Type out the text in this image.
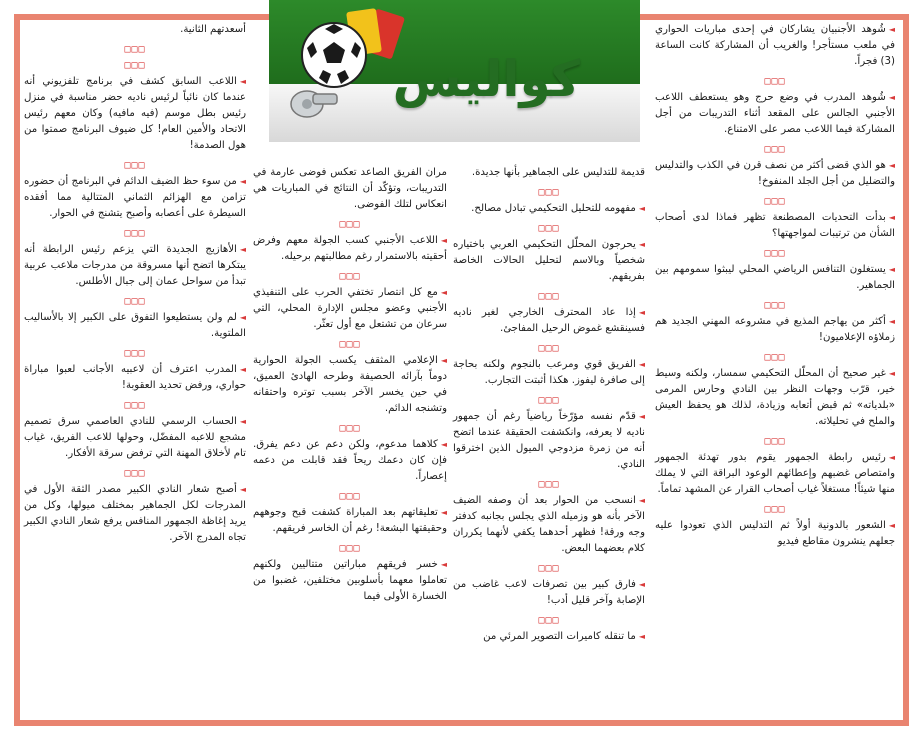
كواليس
◄شُوهد الأجنبيان يشاركان في إحدى مباريات الحواري في ملعب مستأجر! والغريب أن المشاركة كانت الساعة (3) فجراً.
□□□
◄شُوهد المدرب في وضع حرج وهو يستعطف اللاعب الأجنبي الجالس على المقعد أثناء التدريبات من أجل المشاركة فيما اللاعب مصر على الامتناع.
□□□
◄هو الذي قضى أكثر من نصف قرن في الكذب والتدليس والتضليل من أجل الجلد المنفوخ!
□□□
◄بدأت التحديات المصطنعة تظهر فماذا لدى أصحاب الشأن من ترتيبات لمواجهتها؟
□□□
◄يستغلون التنافس الرياضي المحلي ليبثوا سمومهم بين الجماهير.
□□□
◄أكثر من يهاجم المذيع في مشروعه المهني الجديد هم زملاؤه الإعلاميون!
□□□
◄غير صحيح أن المحلّل التحكيمي سمسار، ولكنه وسيط خير، قرّب وجهات النظر بين النادي وحارس المرمى «بلدياته» ثم قبض أتعابه وزيادة، لذلك هو يحفظ العيش والملح في تحليلاته.
□□□
◄رئيس رابطة الجمهور يقوم بدور تهدئة الجمهور وامتصاص غضبهم وإعطائهم الوعود البراقة التي لا يملك منها شيئاً! مستغلاً غياب أصحاب القرار عن المشهد تماماً.
□□□
◄الشعور بالدونية أولاً ثم التدليس الذي تعودوا عليه جعلهم ينشرون مقاطع فيديو
قديمة للتدليس على الجماهير بأنها جديدة.
□□□
◄مفهومه للتحليل التحكيمي تبادل مصالح.
□□□
◄يحرجون المحلّل التحكيمي العربي باختياره شخصياً وبالاسم لتحليل الحالات الخاصة بفريقهم.
□□□
◄إذا عاد المحترف الخارجي لغير ناديه فسينقشع غموض الرحيل المفاجئ.
□□□
◄الفريق قوي ومرعب بالنجوم ولكنه بحاجة إلى صافرة ليفوز. هكذا أثبتت التجارب.
□□□
◄قدّم نفسه مؤرّخاً رياضياً رغم أن جمهور ناديه لا يعرفه، وانكشفت الحقيقة عندما اتضح أنه من زمرة مزدوجي الميول الذين اخترقوا النادي.
□□□
◄انسحب من الحوار بعد أن وصفه الضيف الآخر بأنه هو وزميله الذي يجلس بجانبه كدفتر وجه ورقة! فظهر أحدهما يكفي لأنهما يكرران كلام بعضهما البعض.
□□□
◄فارق كبير بين تصرفات لاعب غاضب من الإصابة وآخر قليل أدب!
□□□
◄ما تنقله كاميرات التصوير المرئي من
مران الفريق الصاعد تعكس فوضى عارمة في التدريبات، وتؤكّد أن النتائج في المباريات هي انعكاس لتلك الفوضى.
□□□
◄اللاعب الأجنبي كسب الجولة معهم وفرض أحقيته بالاستمرار رغم مطالبتهم برحيله.
□□□
◄مع كل انتصار تختفي الحرب على التنفيذي الأجنبي وعضو مجلس الإدارة المحلي، التي سرعان من تشتعل مع أول تعثّر.
□□□
◄الإعلامي المثقف يكسب الجولة الحوارية دوماً بآرائه الحصيفة وطرحه الهادئ العميق، في حين يخسر الآخر بسبب توتره واحتقانه وتشنجه الدائم.
□□□
◄كلاهما مدعوم، ولكن دعم عن دعم يفرق. فإن كان دعمك ريحاً فقد قابلت من دعمه إعصاراً.
□□□
◄تعليقاتهم بعد المباراة كشفت قبح وجوههم وحقيقتها البشعة! رغم أن الخاسر فريقهم.
□□□
◄خسر فريقهم مباراتين متتاليين ولكنهم تعاملوا معهما بأسلوبين مختلفين، غضبوا من الخسارة الأولى فيما
أسعدتهم الثانية.
□□□
□□□
◄اللاعب السابق كشف في برنامج تلفزيوني أنه عندما كان نائباً لرئيس ناديه حضر مناسبة في منزل رئيس بطل موسم (فيه مافيه) وكان معهم رئيس الاتحاد والأمين العام! كل ضيوف البرنامج صمتوا من هول الصدمة!
□□□
◄من سوء حظ الضيف الدائم في البرنامج أن حضوره تزامن مع الهزائم الثماني المتتالية مما أفقده السيطرة على أعصابه وأصبح يتشنج في الحوار.
□□□
◄الأهازيج الجديدة التي يزعم رئيس الرابطة أنه يبتكرها اتضح أنها مسروقة من مدرجات ملاعب عربية تبدأ من سواحل عمان إلى جبال الأطلس.
□□□
◄لم ولن يستطيعوا التفوق على الكبير إلا بالأساليب الملتوية.
□□□
◄المدرب اعترف أن لاعبيه الأجانب لعبوا مباراة حواري، ورفض تحديد العقوبة!
□□□
◄الحساب الرسمي للنادي العاصمي سرق تصميم مشجع للاعبه المفضّل، وحولها للاعب الفريق، غياب تام لأخلاق المهنة التي ترفض سرقة الأفكار.
□□□
◄أصبح شعار النادي الكبير مصدر الثقة الأول في المدرجات لكل الجماهير بمختلف ميولها، وكل من يريد إغاظة الجمهور المنافس يرفع شعار النادي الكبير تجاه المدرج الآخر.
